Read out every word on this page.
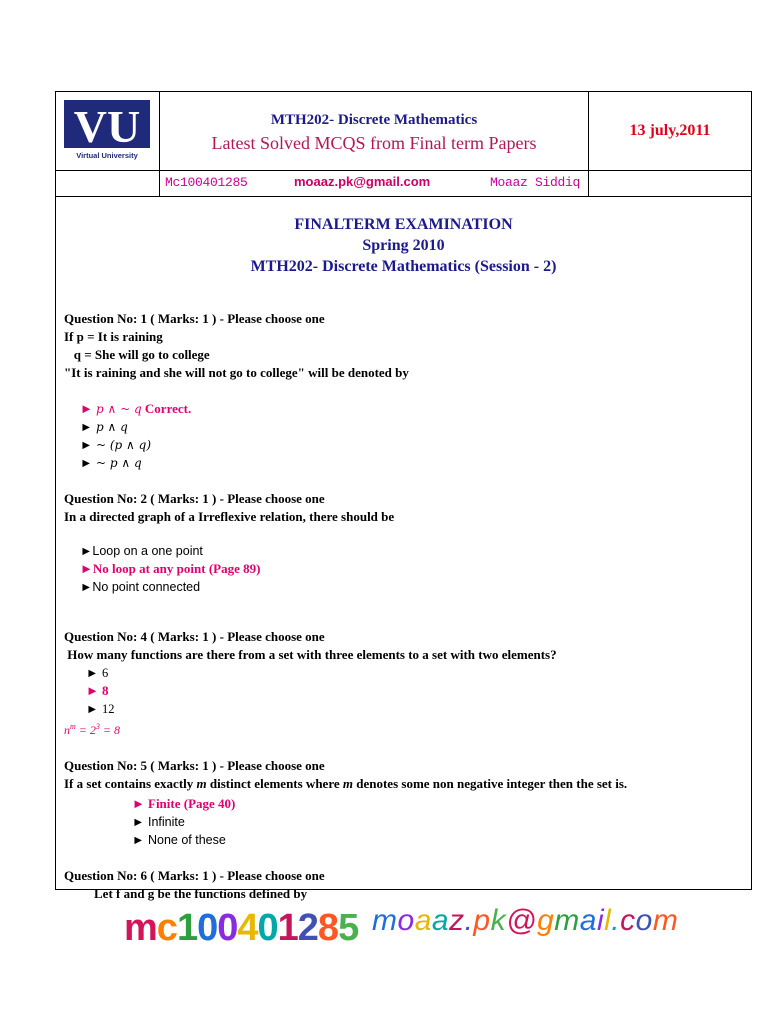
VU
Virtual University
MTH202- Discrete Mathematics
Latest Solved MCQS from Final term Papers
13 july,2011
Mc100401285	moaaz.pk@gmail.com	Moaaz Siddiq
FINALTERM EXAMINATION
Spring 2010
MTH202- Discrete Mathematics (Session - 2)

Question No: 1 ( Marks: 1 ) - Please choose one

If p = It is raining

q = She will go to college

"It is raining and she will not go to college" will be denoted by

► p ∧ ~ q Correct.

► p ∧ q

► ~ (p ∧ q)

► ~ p ∧ q

Question No: 2 ( Marks: 1 ) - Please choose one

In a directed graph of a Irreflexive relation, there should be

►Loop on a one point

►No loop at any point (Page 89)

►No point connected

Question No: 4 ( Marks: 1 ) - Please choose one

How many functions are there from a set with three elements to a set with two elements?

► 6

► 8

► 12

$n^m = 2^3 = 8$

Question No: 5 ( Marks: 1 ) - Please choose one

If a set contains exactly m distinct elements where m denotes some non negative integer then the set is.

► Finite (Page 40)

► Infinite

► None of these

Question No: 6 ( Marks: 1 ) - Please choose one

Let f and g be the functions defined by

mc100401285 moaaz.pk@gmail.com
